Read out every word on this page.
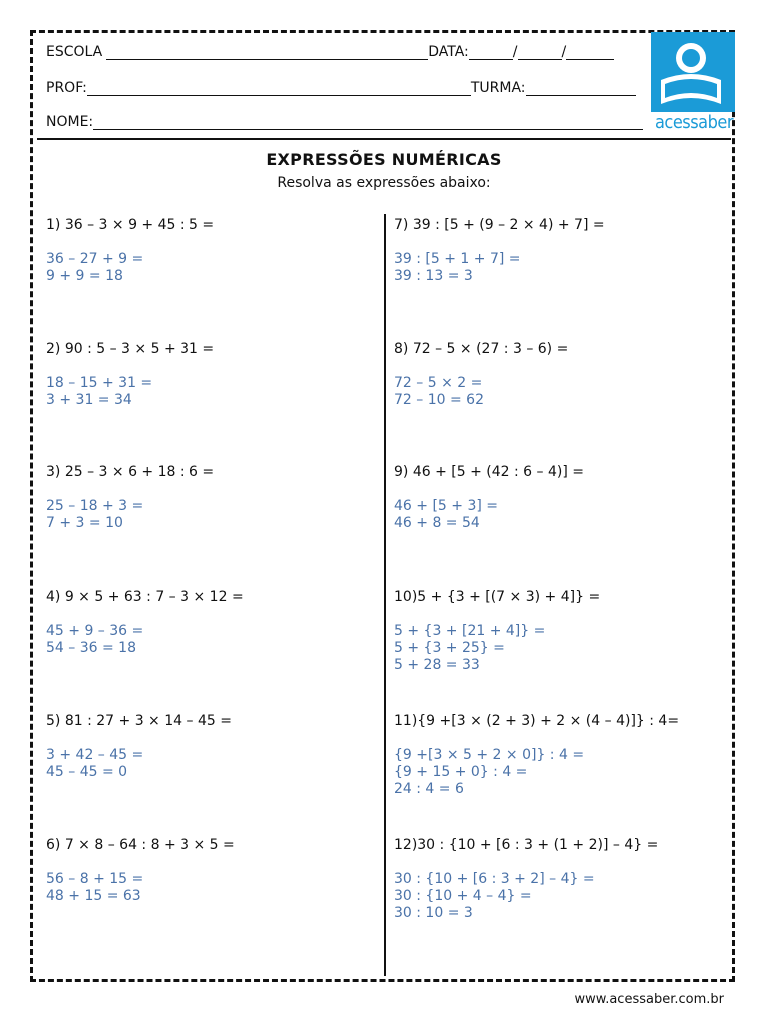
ESCOLA	DATA:	/	/
PROF:	TURMA:
NOME:	acessaber
EXPRESSÕES NUMÉRICAS
Resolva as expressões abaixo:
1) 36 – 3 × 9 + 45 : 5 =
36 – 27 + 9 =
9 + 9 = 18
2) 90 : 5 – 3 × 5 + 31 =
18 – 15 + 31 =
3 + 31 = 34
3) 25 – 3 × 6 + 18 : 6 =
25 – 18 + 3 =
7 + 3 = 10
4) 9 × 5 + 63 : 7 – 3 × 12 =
45 + 9 – 36 =
54 – 36 = 18
5) 81 : 27 + 3 × 14 – 45 =
3 + 42 – 45 =
45 – 45 = 0
6) 7 × 8 – 64 : 8 + 3 × 5 =
56 – 8 + 15 =
48 + 15 = 63
7) 39 : [5 + (9 – 2 × 4) + 7] =
39 : [5 + 1 + 7] =
39 : 13 = 3
8) 72 – 5 × (27 : 3 – 6) =
72 – 5 × 2 =
72 – 10 = 62
9) 46 + [5 + (42 : 6 – 4)] =
46 + [5 + 3] =
46 + 8 = 54
10)5 + {3 + [(7 × 3) + 4]} =
5 + {3 + [21 + 4]} =
5 + {3 + 25} =
5 + 28 = 33
11){9 +[3 × (2 + 3) + 2 × (4 – 4)]} : 4=
{9 +[3 × 5 + 2 × 0]} : 4 =
{9 + 15 + 0} : 4 =
24 : 4 = 6
12)30 : {10 + [6 : 3 + (1 + 2)] – 4} =
30 : {10 + [6 : 3 + 2] – 4} =
30 : {10 + 4 – 4} =
30 : 10 = 3
www.acessaber.com.br
